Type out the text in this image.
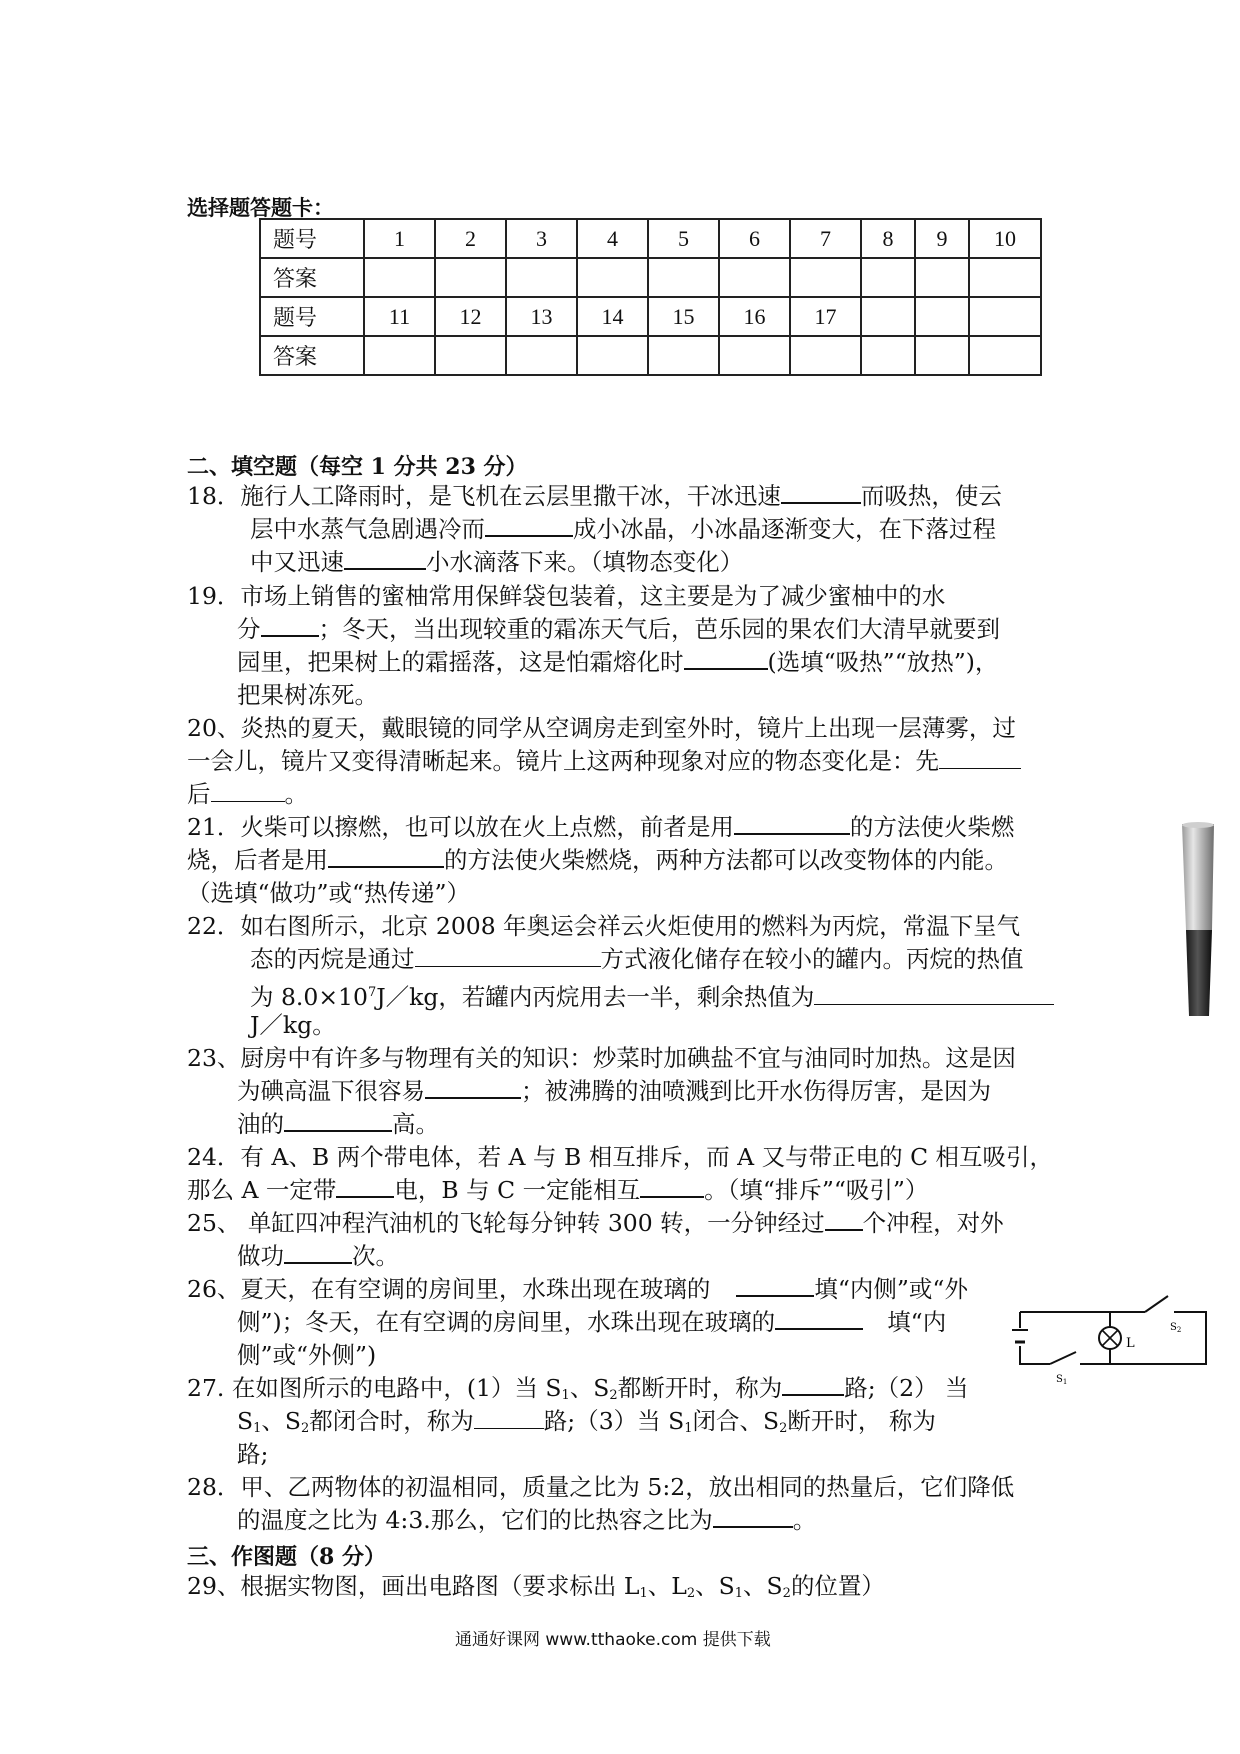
选择题答题卡：
题号	1	2	3	4	5	6	7	8	9	10
答案										
题号	11	12	13	14	15	16	17			
答案										
二、填空题（每空 1 分共 23 分）
18．施行人工降雨时，是飞机在云层里撒干冰，干冰迅速	而吸热，使云
层中水蒸气急剧遇冷而	成小冰晶，小冰晶逐渐变大，在下落过程
中又迅速	小水滴落下来。（填物态变化）
19．市场上销售的蜜柚常用保鲜袋包装着，这主要是为了减少蜜柚中的水
分 ；冬天，当出现较重的霜冻天气后，芭乐园的果农们大清早就要到
园里，把果树上的霜摇落，这是怕霜熔化时	(选填“吸热”“放热”)，
把果树冻死。
20、炎热的夏天，戴眼镜的同学从空调房走到室外时，镜片上出现一层薄雾，过
一会儿，镜片又变得清晰起来。镜片上这两种现象对应的物态变化是：先
后	。
21．火柴可以擦燃，也可以放在火上点燃，前者是用	的方法使火柴燃
烧，后者是用	的方法使火柴燃烧，两种方法都可以改变物体的内能。
（选填“做功”或“热传递”）
22．如右图所示，北京 2008 年奥运会祥云火炬使用的燃料为丙烷，常温下呈气
态的丙烷是通过	方式液化储存在较小的罐内。丙烷的热值
为 $8.0\times 10^7J/kg$，若罐内丙烷用去一半，剩余热值为
J／kg。
23、厨房中有许多与物理有关的知识：炒菜时加碘盐不宜与油同时加热。这是因
为碘高温下很容易	；被沸腾的油喷溅到比开水伤得厉害，是因为
油的	高。
24．有 A、B 两个带电体，若 A 与 B 相互排斥，而 A 又与带正电的 C 相互吸引，
那么 A 一定带 电，B 与 C 一定能相互	。（填“排斥”“吸引”）
25、 单缸四冲程汽油机的飞轮每分钟转 300 转，一分钟经过 个冲程，对外
做功	次。
26、夏天，在有空调的房间里，水珠出现在玻璃的	填“内侧”或“外
侧”)；冬天，在有空调的房间里，水珠出现在玻璃的	填“内
侧”或“外侧”)
27. 在如图所示的电路中，(1）当 $S_1$、$S_2$都断开时，称为	路;（2） 当
$S_1$、$S_2$都闭合时，称为	路;（3）当 $S_1$闭合、$S_2$断开时， 称为
路;
28．甲、乙两物体的初温相同，质量之比为 5:2，放出相同的热量后，它们降低
的温度之比为 4:3.那么，它们的比热容之比为	。
三、作图题（8 分）
29、根据实物图，画出电路图（要求标出 $L_1$、$L_2$、$S_1$、$S_2$的位置）
L
$S_2$
$S_1$
通通好课网 www.tthaoke.com 提供下载
